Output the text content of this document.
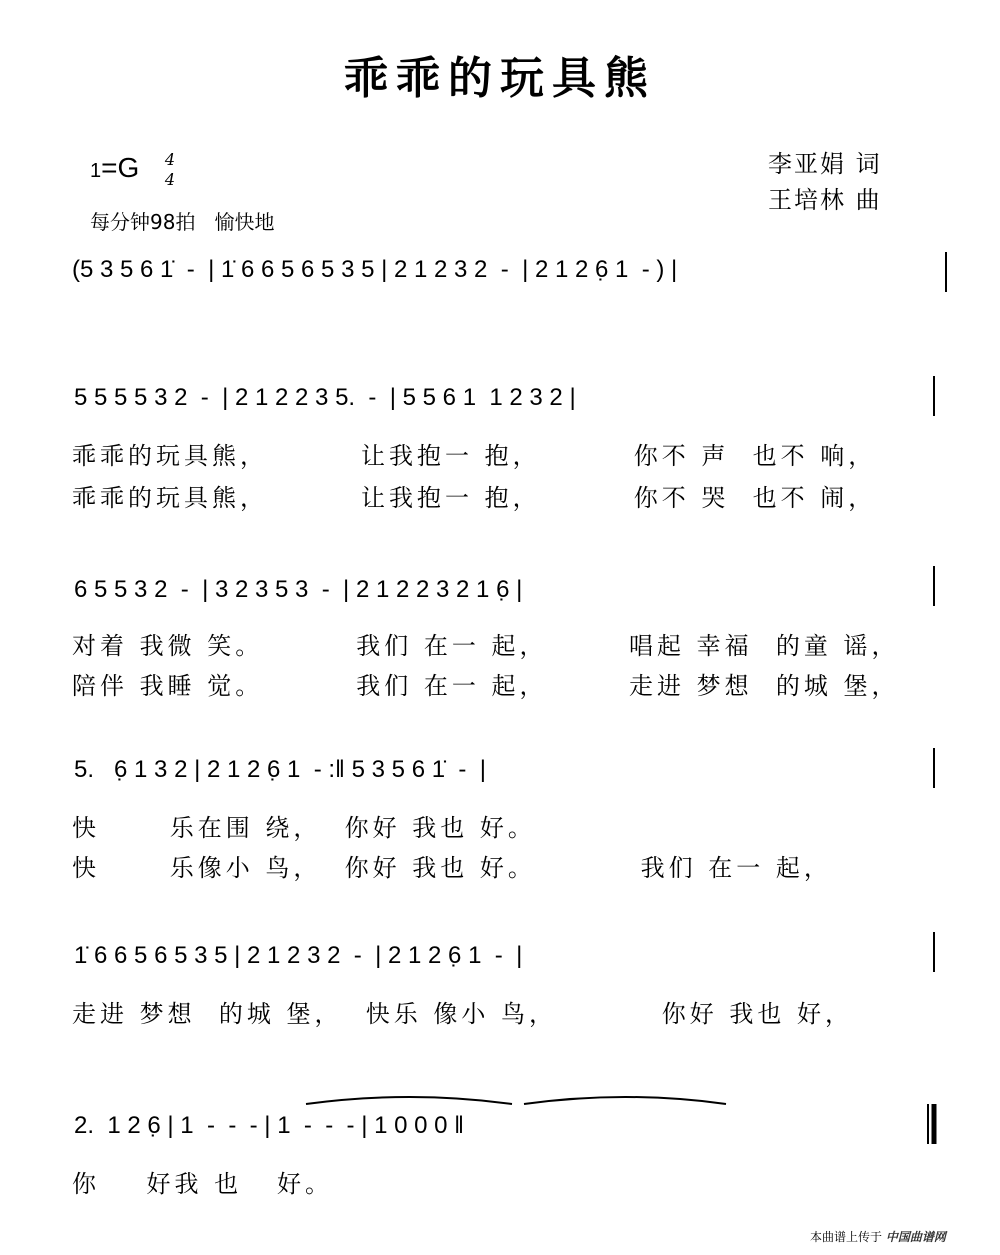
乖乖的玩具熊
1=G 4
4
每分钟98拍   愉快地
李亚娟 词
王培林 曲
(5 3 5 6 1̇  -  | 1̇ 6 6 5 6 5 3 5 | 2 1 2 3 2  -  | 2 1 2 6̣ 1  - ) |
5 5 5 5 3 2  -  | 2 1 2 2 3 5.  -  | 5 5 6 1  1 2 3 2 |
乖乖的玩具熊，        让我抱一 抱，        你不 声  也不 响，
乖乖的玩具熊，        让我抱一 抱，        你不 哭  也不 闹，
6 5 5 3 2  -  | 3 2 3 5 3  -  | 2 1 2 2 3 2 1 6̣ |
对着 我微 笑。        我们 在一 起，       唱起 幸福  的童 谣，
陪伴 我睡 觉。        我们 在一 起，       走进 梦想  的城 堡，
5.   6̣ 1 3 2 | 2 1 2 6̣ 1  - :‖ 5 3 5 6 1̇  -  |
快      乐在围 绕，  你好 我也 好。
快      乐像小 鸟，  你好 我也 好。         我们 在一 起，
1̇ 6 6 5 6 5 3 5 | 2 1 2 3 2  -  | 2 1 2 6̣ 1  -  |
走进 梦想  的城 堡，  快乐 像小 鸟，         你好 我也 好，
2.  1 2 6̣ | 1  -  -  - | 1  -  -  - | 1 0 0 0 ‖
你    好我 也   好。
本曲谱上传于 中国曲谱网
